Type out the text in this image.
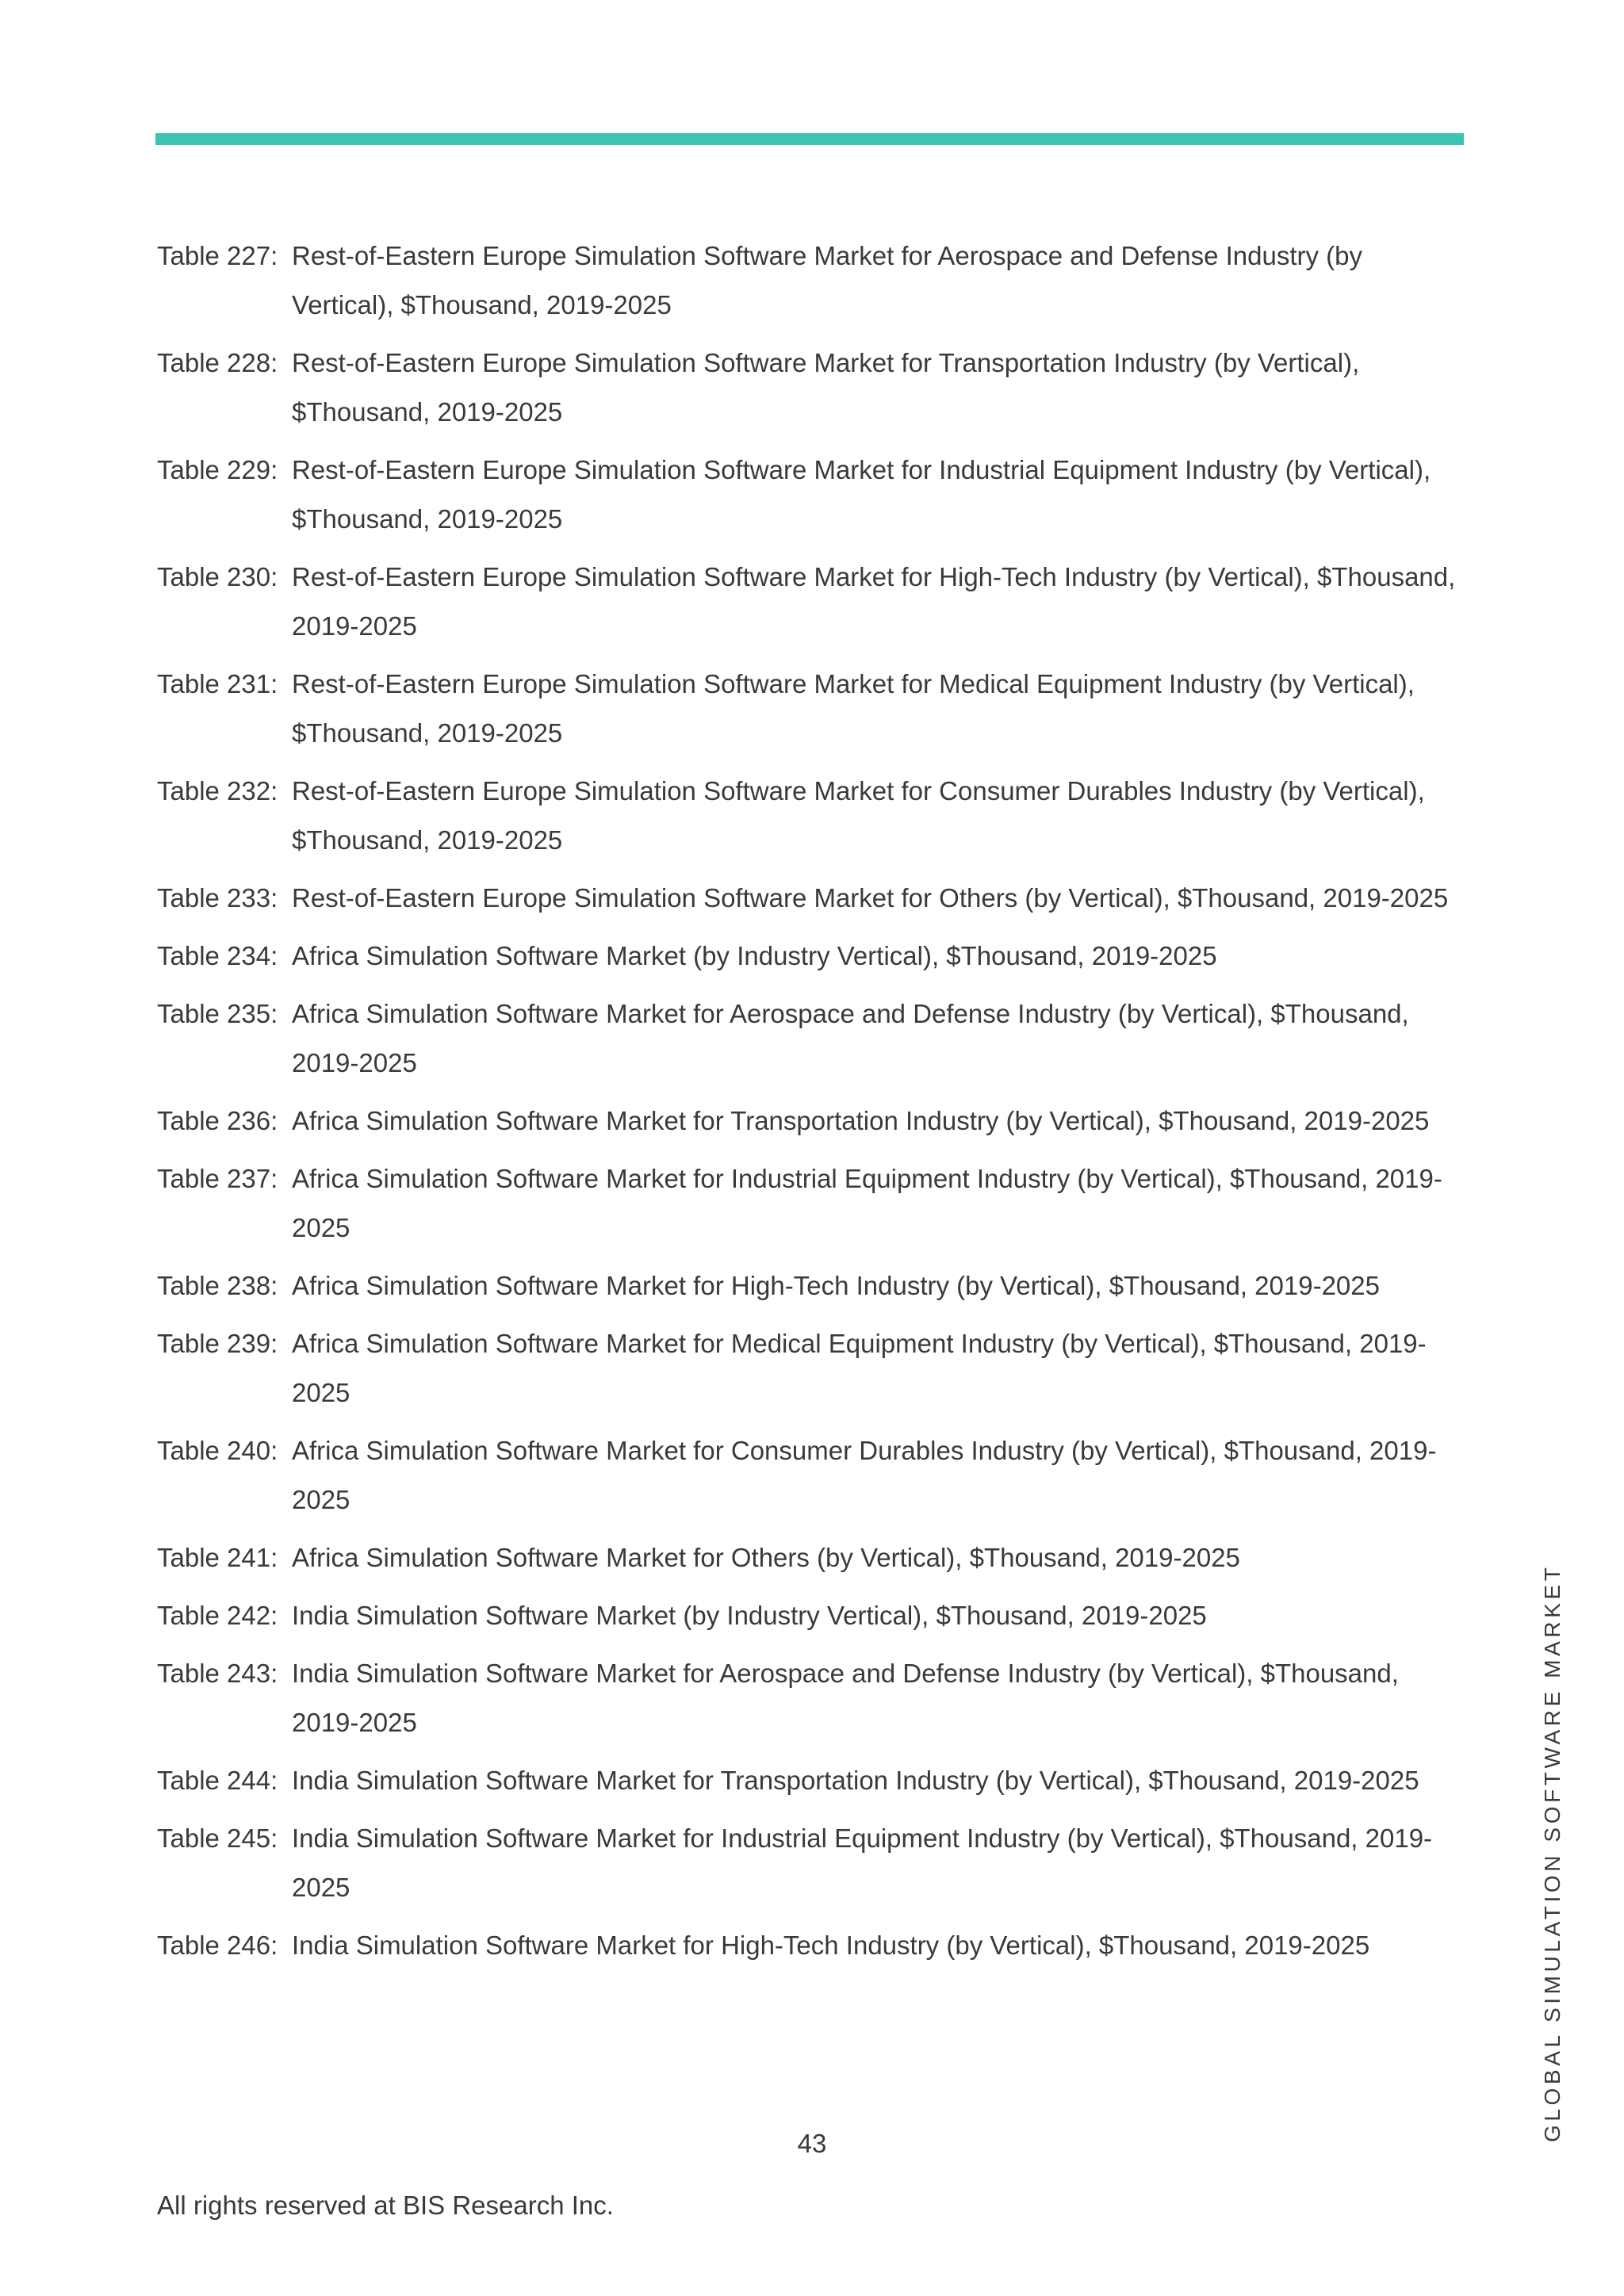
Table 227: Rest-of-Eastern Europe Simulation Software Market for Aerospace and Defense Industry (by Vertical), $Thousand, 2019-2025
Table 228: Rest-of-Eastern Europe Simulation Software Market for Transportation Industry (by Vertical), $Thousand, 2019-2025
Table 229: Rest-of-Eastern Europe Simulation Software Market for Industrial Equipment Industry (by Vertical), $Thousand, 2019-2025
Table 230: Rest-of-Eastern Europe Simulation Software Market for High-Tech Industry (by Vertical), $Thousand, 2019-2025
Table 231: Rest-of-Eastern Europe Simulation Software Market for Medical Equipment Industry (by Vertical), $Thousand, 2019-2025
Table 232: Rest-of-Eastern Europe Simulation Software Market for Consumer Durables Industry (by Vertical), $Thousand, 2019-2025
Table 233: Rest-of-Eastern Europe Simulation Software Market for Others (by Vertical), $Thousand, 2019-2025
Table 234: Africa Simulation Software Market (by Industry Vertical), $Thousand, 2019-2025
Table 235: Africa Simulation Software Market for Aerospace and Defense Industry (by Vertical), $Thousand, 2019-2025
Table 236: Africa Simulation Software Market for Transportation Industry (by Vertical), $Thousand, 2019-2025
Table 237: Africa Simulation Software Market for Industrial Equipment Industry (by Vertical), $Thousand, 2019-2025
Table 238: Africa Simulation Software Market for High-Tech Industry (by Vertical), $Thousand, 2019-2025
Table 239: Africa Simulation Software Market for Medical Equipment Industry (by Vertical), $Thousand, 2019-2025
Table 240: Africa Simulation Software Market for Consumer Durables Industry (by Vertical), $Thousand, 2019-2025
Table 241: Africa Simulation Software Market for Others (by Vertical), $Thousand, 2019-2025
Table 242: India Simulation Software Market (by Industry Vertical), $Thousand, 2019-2025
Table 243: India Simulation Software Market for Aerospace and Defense Industry (by Vertical), $Thousand, 2019-2025
Table 244: India Simulation Software Market for Transportation Industry (by Vertical), $Thousand, 2019-2025
Table 245: India Simulation Software Market for Industrial Equipment Industry (by Vertical), $Thousand, 2019-2025
Table 246: India Simulation Software Market for High-Tech Industry (by Vertical), $Thousand, 2019-2025
43
All rights reserved at BIS Research Inc.
GLOBAL SIMULATION SOFTWARE MARKET
